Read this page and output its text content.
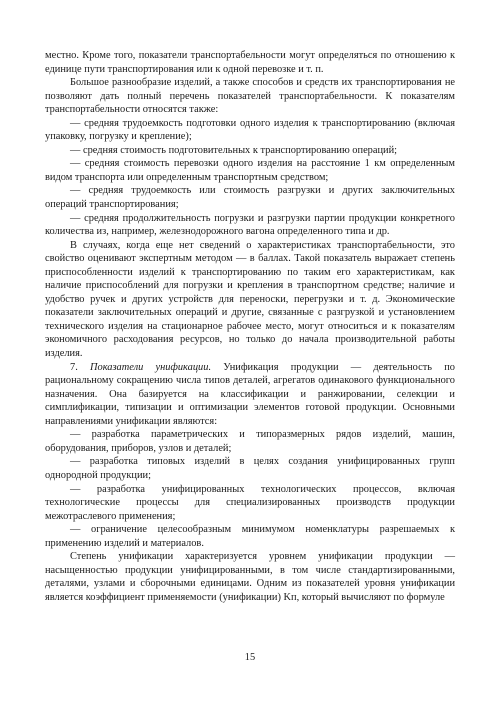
местно. Кроме того, показатели транспортабельности могут определяться по отношению к единице пути транспортирования или к одной перевозке и т. п.

Большое разнообразие изделий, а также способов и средств их транспортирования не позволяют дать полный перечень показателей транспортабельности. К показателям транспортабельности относятся также:

— средняя трудоемкость подготовки одного изделия к транспортированию (включая упаковку, погрузку и крепление);

— средняя стоимость подготовительных к транспортированию операций;

— средняя стоимость перевозки одного изделия на расстояние 1 км определенным видом транспорта или определенным транспортным средством;

— средняя трудоемкость или стоимость разгрузки и других заключительных операций транспортирования;

— средняя продолжительность погрузки и разгрузки партии продукции конкретного количества из, например, железнодорожного вагона определенного типа и др.

В случаях, когда еще нет сведений о характеристиках транспортабельности, это свойство оценивают экспертным методом — в баллах. Такой показатель выражает степень приспособленности изделий к транспортированию по таким его характеристикам, как наличие приспособлений для погрузки и крепления в транспортном средстве; наличие и удобство ручек и других устройств для переноски, перегрузки и т. д. Экономические показатели заключительных операций и другие, связанные с разгрузкой и установлением технического изделия на стационарное рабочее место, могут относиться и к показателям экономичного расходования ресурсов, но только до начала производительной работы изделия.

7. Показатели унификации. Унификация продукции — деятельность по рациональному сокращению числа типов деталей, агрегатов одинакового функционального назначения. Она базируется на классификации и ранжировании, селекции и симплификации, типизации и оптимизации элементов готовой продукции. Основными направлениями унификации являются:

— разработка параметрических и типоразмерных рядов изделий, машин, оборудования, приборов, узлов и деталей;

— разработка типовых изделий в целях создания унифицированных групп однородной продукции;

— разработка унифицированных технологических процессов, включая технологические процессы для специализированных производств продукции межотраслевого применения;

— ограничение целесообразным минимумом номенклатуры разрешаемых к применению изделий и материалов.

Степень унификации характеризуется уровнем унификации продукции — насыщенностью продукции унифицированными, в том числе стандартизированными, деталями, узлами и сборочными единицами. Одним из показателей уровня унификации является коэффициент применяемости (унификации) Kп, который вычисляют по формуле

15
